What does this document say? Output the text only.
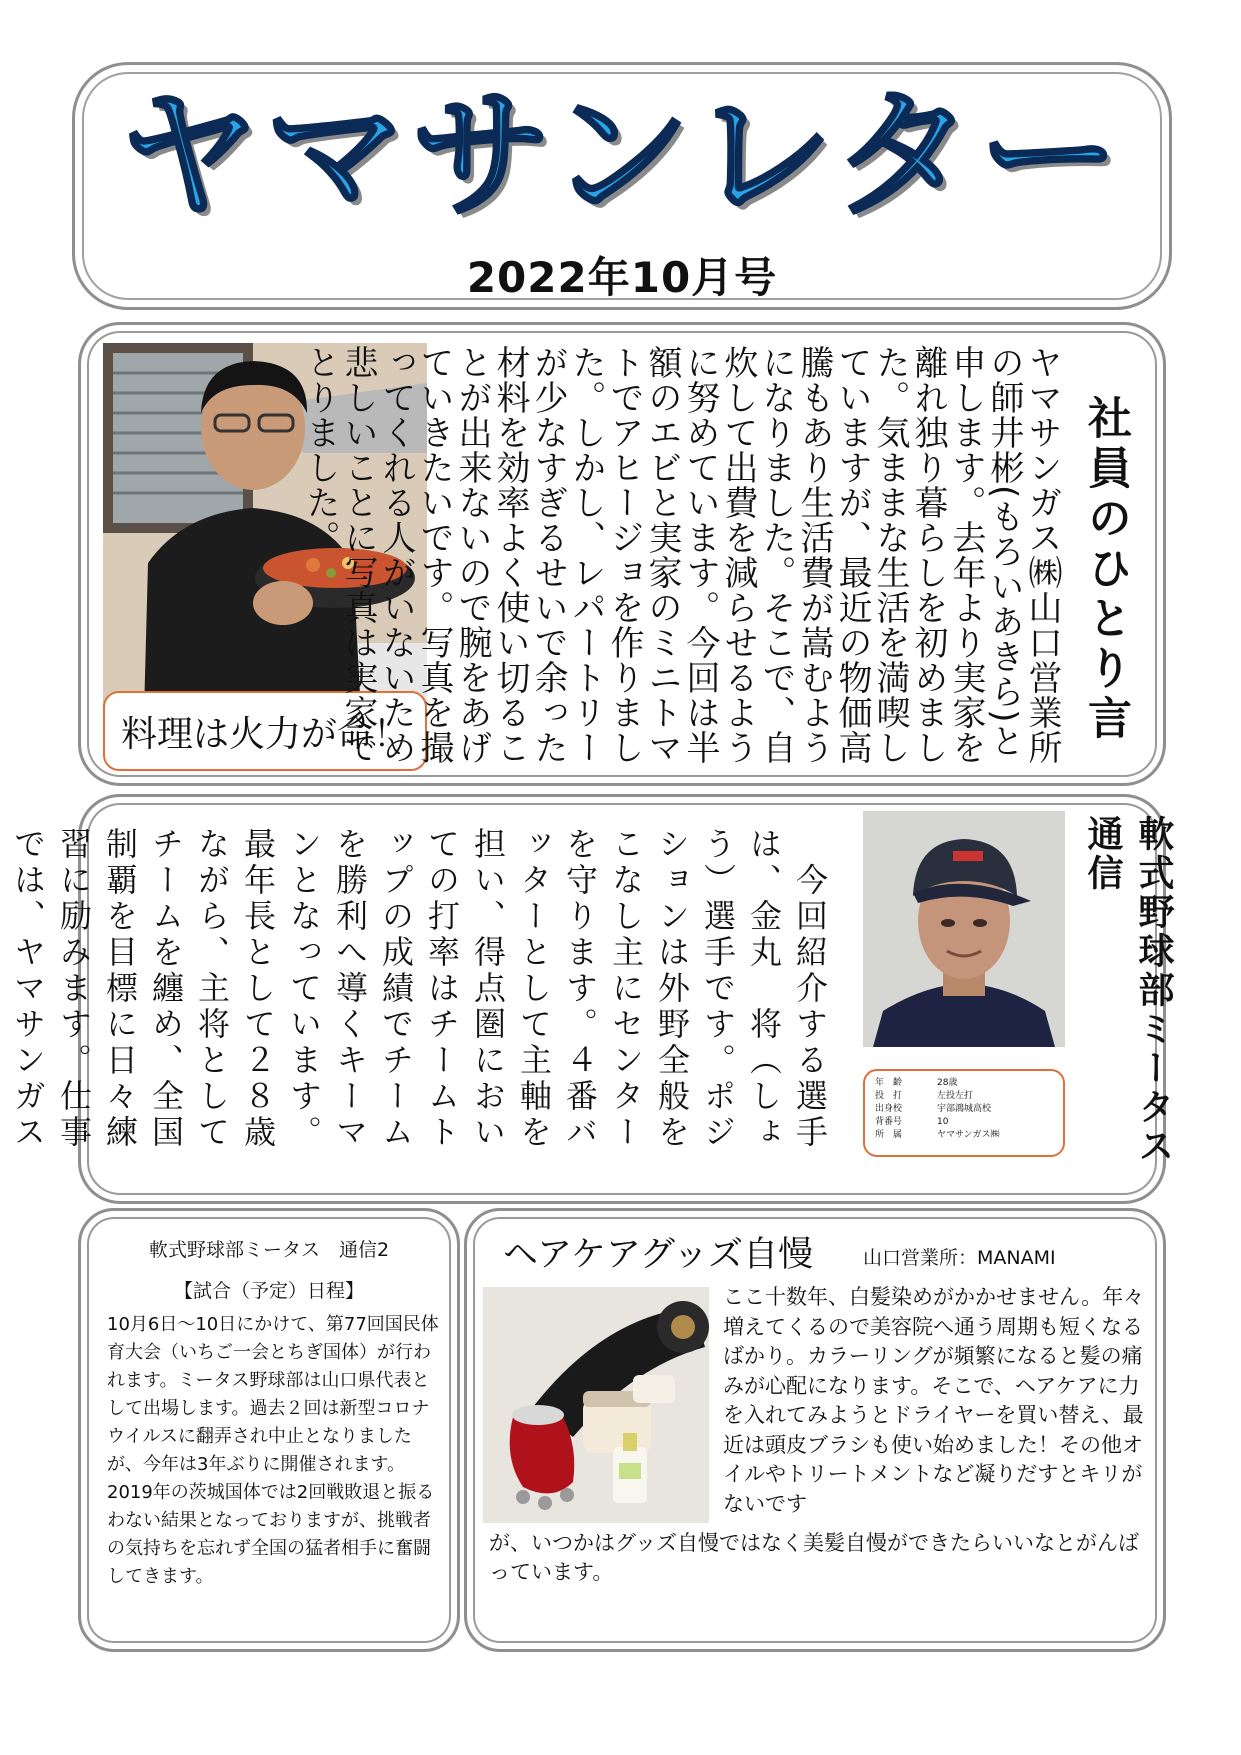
ヤマサンレター
2022年10月号
料理は火力が命！	ヤマサンガス㈱山口営業所の師井彬(もろいあきら)と申します。去年より実家を離れ独り暮らしを初めました。気ままな生活を満喫していますが、最近の物価高騰もあり生活費が嵩むようになりました。そこで、自炊して出費を減らせるように努めています。今回は半額のエビと実家のミニトマトでアヒージョを作りました。しかし、レパートリーが少なすぎるせいで余った材料を効率よく使い切ることが出来ないので腕をあげていきたいです。写真を撮ってくれる人がいないため悲しいことに写真は実家でとりました。	社員のひとり言
　今回紹介する選手は、金丸　将（しょう）選手です。ポジションは外野全般をこなし主にセンターを守ります。４番バッターとして主軸を担い、得点圏においての打率はチームトップの成績でチームを勝利へ導くキーマンとなっています。最年長として２８歳ながら、主将としてチームを纏め、全国制覇を目標に日々練習に励みます。仕事では、ヤマサンガス
年　齢	28歳
投　打	左投左打
出身校	宇部鴻城高校
背番号	10
所　属	ヤマサンガス㈱	軟式野球部ミータス通信
軟式野球部ミータス　通信2
【試合（予定）日程】
10月6日～10日にかけて、第77回国民体育大会（いちご一会とちぎ国体）が行われます。ミータス野球部は山口県代表として出場します。過去２回は新型コロナウイルスに翻弄され中止となりましたが、今年は3年ぶりに開催されます。2019年の茨城国体では2回戦敗退と振るわない結果となっておりますが、挑戦者の気持ちを忘れず全国の猛者相手に奮闘してきます。
ヘアケアグッズ自慢	山口営業所：MANAMI
ここ十数年、白髪染めがかかせません。年々増えてくるので美容院へ通う周期も短くなるばかり。カラーリングが頻繁になると髪の痛みが心配になります。そこで、ヘアケアに力を入れてみようとドライヤーを買い替え、最近は頭皮ブラシも使い始めました！その他オイルやトリートメントなど凝りだすとキリがないです
が、いつかはグッズ自慢ではなく美髪自慢ができたらいいなとがんばっています。
